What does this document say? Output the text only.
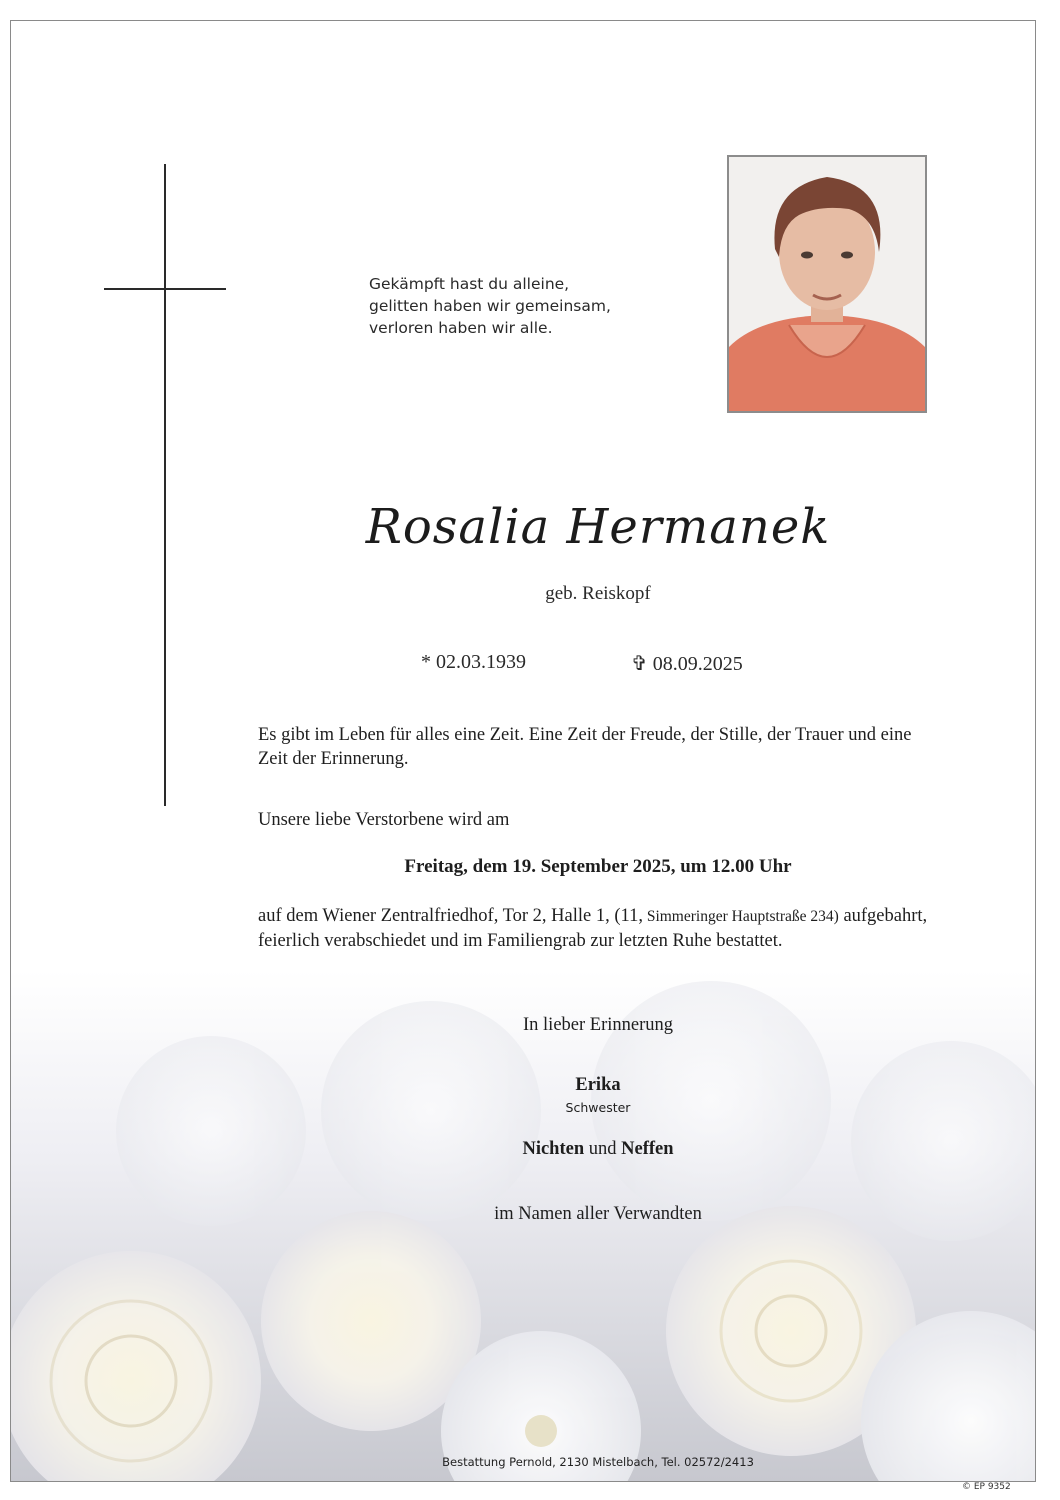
Gekämpft hast du alleine,
gelitten haben wir gemeinsam,
verloren haben wir alle.
Rosalia Hermanek
geb. Reiskopf
* 02.03.1939	✞ 08.09.2025
Es gibt im Leben für alles eine Zeit. Eine Zeit der Freude, der Stille, der Trauer und eine Zeit der Erinnerung.
Unsere liebe Verstorbene wird am
Freitag, dem 19. September 2025, um 12.00 Uhr
auf dem Wiener Zentralfriedhof, Tor 2, Halle 1, (11, Simmeringer Hauptstraße 234) aufgebahrt, feierlich verabschiedet und im Familiengrab zur letzten Ruhe bestattet.
In lieber Erinnerung
Erika
Schwester
Nichten und Neffen
im Namen aller Verwandten
Bestattung Pernold, 2130 Mistelbach, Tel. 02572/2413
© EP 9352
